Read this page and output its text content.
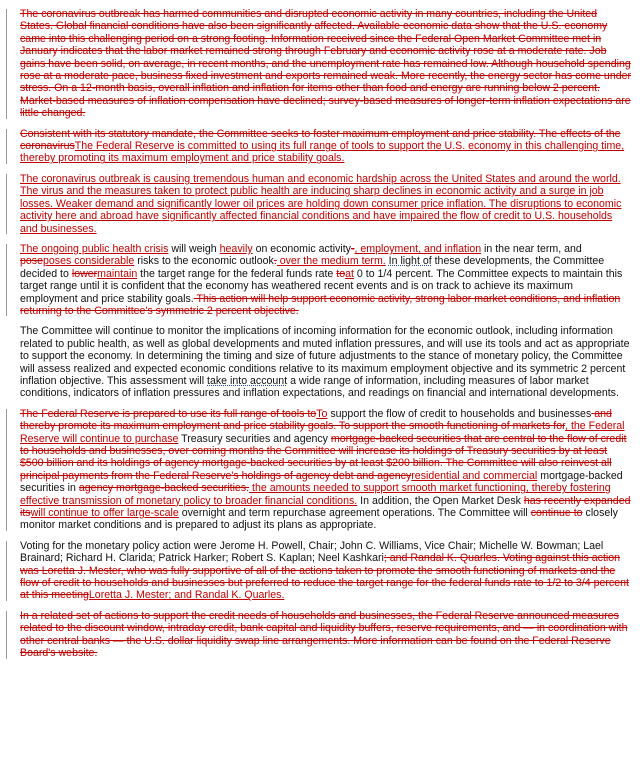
The coronavirus outbreak has harmed communities and disrupted economic activity in many countries, including the United States. Global financial conditions have also been significantly affected. Available economic data show that the U.S. economy came into this challenging period on a strong footing. Information received since the Federal Open Market Committee met in January indicates that the labor market remained strong through February and economic activity rose at a moderate rate. Job gains have been solid, on average, in recent months, and the unemployment rate has remained low. Although household spending rose at a moderate pace, business fixed investment and exports remained weak. More recently, the energy sector has come under stress. On a 12-month basis, overall inflation and inflation for items other than food and energy are running below 2 percent. Market-based measures of inflation compensation have declined; survey-based measures of longer-term inflation expectations are little changed.

Consistent with its statutory mandate, the Committee seeks to foster maximum employment and price stability. The effects of the coronavirusThe Federal Reserve is committed to using its full range of tools to support the U.S. economy in this challenging time, thereby promoting its maximum employment and price stability goals.

The coronavirus outbreak is causing tremendous human and economic hardship across the United States and around the world. The virus and the measures taken to protect public health are inducing sharp declines in economic activity and a surge in job losses. Weaker demand and significantly lower oil prices are holding down consumer price inflation. The disruptions to economic activity here and abroad have significantly affected financial conditions and have impaired the flow of credit to U.S. households and businesses.

The ongoing public health crisis will weigh heavily on economic activity-, employment, and inflation in the near term, and poseposes considerable risks to the economic outlook. over the medium term. In light of these developments, the Committee decided to lowermaintain the target range for the federal funds rate toat 0 to 1/4 percent. The Committee expects to maintain this target range until it is confident that the economy has weathered recent events and is on track to achieve its maximum employment and price stability goals. This action will help support economic activity, strong labor market conditions, and inflation returning to the Committee's symmetric 2 percent objective.

The Committee will continue to monitor the implications of incoming information for the economic outlook, including information related to public health, as well as global developments and muted inflation pressures, and will use its tools and act as appropriate to support the economy. In determining the timing and size of future adjustments to the stance of monetary policy, the Committee will assess realized and expected economic conditions relative to its maximum employment objective and its symmetric 2 percent inflation objective. This assessment will take into account a wide range of information, including measures of labor market conditions, indicators of inflation pressures and inflation expectations, and readings on financial and international developments.

The Federal Reserve is prepared to use its full range of tools toTo support the flow of credit to households and businesses and thereby promote its maximum employment and price stability goals. To support the smooth functioning of markets for, the Federal Reserve will continue to purchase Treasury securities and agency mortgage-backed securities that are central to the flow of credit to households and businesses, over coming months the Committee will increase its holdings of Treasury securities by at least $500 billion and its holdings of agency mortgage-backed securities by at least $200 billion. The Committee will also reinvest all principal payments from the Federal Reserve's holdings of agency debt and agencyresidential and commercial mortgage-backed securities in agency mortgage-backed securities. the amounts needed to support smooth market functioning, thereby fostering effective transmission of monetary policy to broader financial conditions. In addition, the Open Market Desk has recently expanded itswill continue to offer large-scale overnight and term repurchase agreement operations. The Committee will continue to closely monitor market conditions and is prepared to adjust its plans as appropriate.

Voting for the monetary policy action were Jerome H. Powell, Chair; John C. Williams, Vice Chair; Michelle W. Bowman; Lael Brainard; Richard H. Clarida; Patrick Harker; Robert S. Kaplan; Neel Kashkari; and Randal K. Quarles. Voting against this action was Loretta J. Mester, who was fully supportive of all of the actions taken to promote the smooth functioning of markets and the flow of credit to households and businesses but preferred to reduce the target range for the federal funds rate to 1/2 to 3/4 percent at this meetingLoretta J. Mester; and Randal K. Quarles.

In a related set of actions to support the credit needs of households and businesses, the Federal Reserve announced measures related to the discount window, intraday credit, bank capital and liquidity buffers, reserve requirements, and — in coordination with other central banks — the U.S. dollar liquidity swap line arrangements. More information can be found on the Federal Reserve Board's website.
